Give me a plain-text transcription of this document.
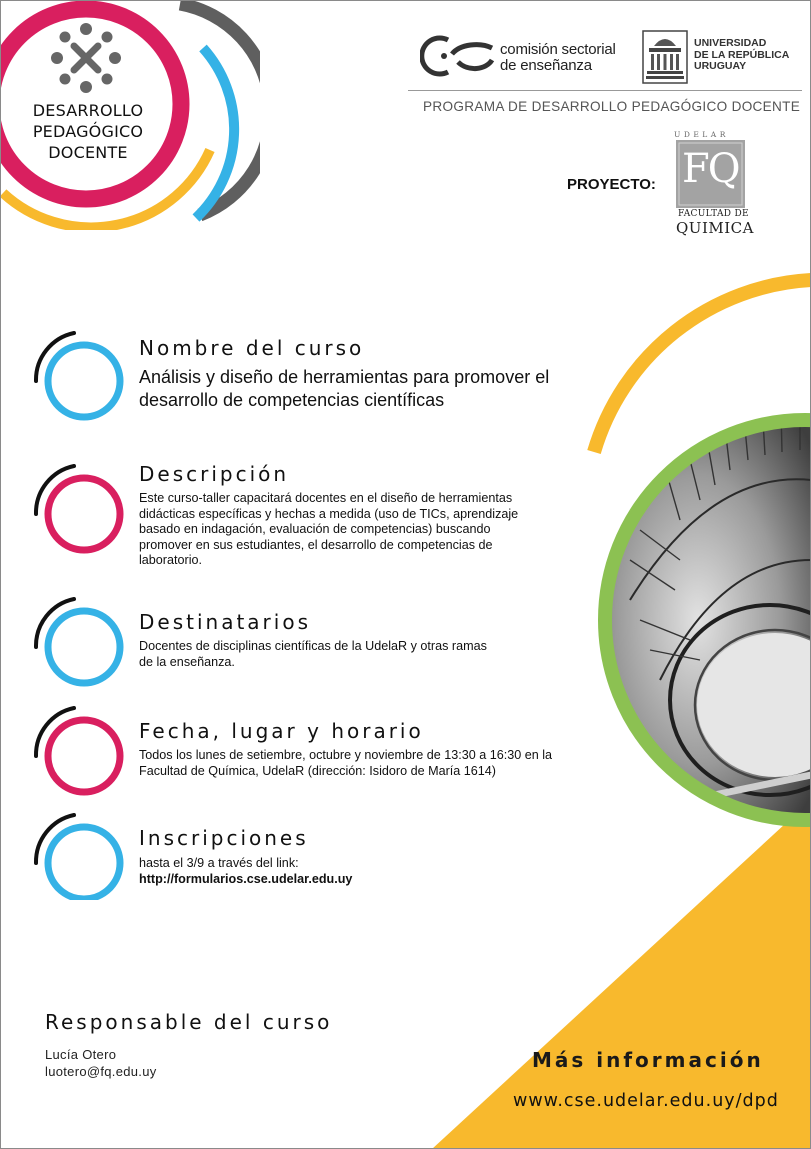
DESARROLLO
PEDAGÓGICO
DOCENTE
comisión sectorial
de enseñanza
UNIVERSIDAD
DE LA REPÚBLICA
URUGUAY
PROGRAMA DE DESARROLLO PEDAGÓGICO DOCENTE
PROYECTO:
UDELAR
FQ
FACULTAD DE
QUIMICA
Nombre del curso
Análisis y diseño de herramientas para promover el desarrollo de competencias científicas
Descripción
Este curso-taller capacitará docentes en el diseño de herramientas didácticas específicas y hechas a medida (uso de TICs, aprendizaje basado en indagación, evaluación de competencias) buscando promover en sus estudiantes, el desarrollo de competencias de laboratorio.
Destinatarios
Docentes de disciplinas científicas de la UdelaR y otras ramas de la enseñanza.
Fecha, lugar y horario
Todos los lunes de setiembre, octubre y noviembre de 13:30 a 16:30 en la Facultad de Química, UdelaR (dirección: Isidoro de María 1614)
Inscripciones
hasta el 3/9 a través del link:
http://formularios.cse.udelar.edu.uy
Responsable del curso
Lucía Otero
luotero@fq.edu.uy	Más información
www.cse.udelar.edu.uy/dpd
